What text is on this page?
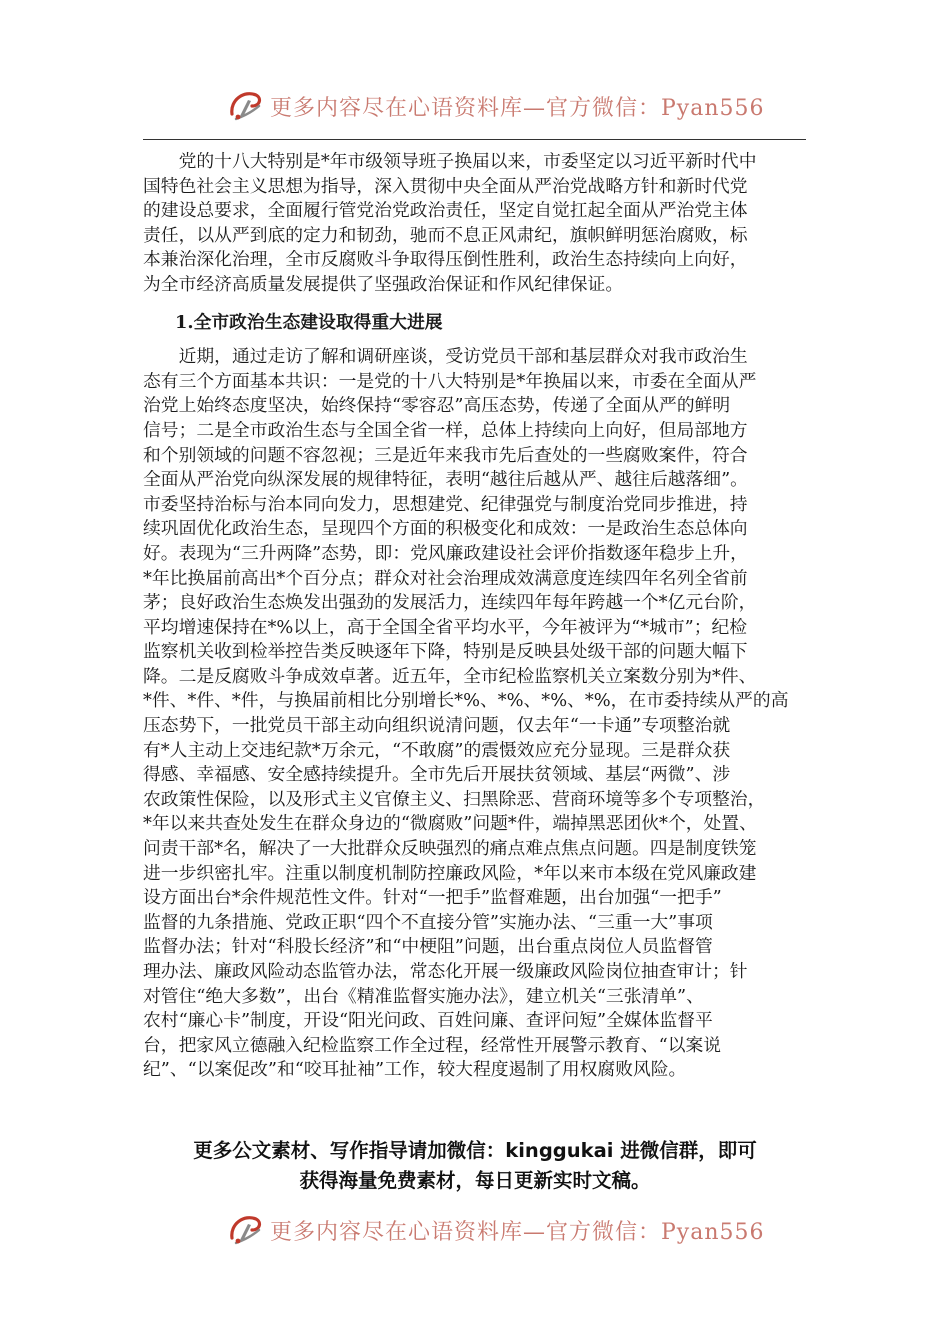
更多内容尽在心语资料库—官方微信：Pyan556

党的十八大特别是*年市级领导班子换届以来，市委坚定以习近平新时代中
国特色社会主义思想为指导，深入贯彻中央全面从严治党战略方针和新时代党
的建设总要求，全面履行管党治党政治责任，坚定自觉扛起全面从严治党主体
责任，以从严到底的定力和韧劲，驰而不息正风肃纪，旗帜鲜明惩治腐败，标
本兼治深化治理，全市反腐败斗争取得压倒性胜利，政治生态持续向上向好，
为全市经济高质量发展提供了坚强政治保证和作风纪律保证。

1.全市政治生态建设取得重大进展

近期，通过走访了解和调研座谈，受访党员干部和基层群众对我市政治生
态有三个方面基本共识：一是党的十八大特别是*年换届以来，市委在全面从严
治党上始终态度坚决，始终保持“零容忍”高压态势，传递了全面从严的鲜明
信号；二是全市政治生态与全国全省一样，总体上持续向上向好，但局部地方
和个别领域的问题不容忽视；三是近年来我市先后查处的一些腐败案件，符合
全面从严治党向纵深发展的规律特征，表明“越往后越从严、越往后越落细”。
市委坚持治标与治本同向发力，思想建党、纪律强党与制度治党同步推进，持
续巩固优化政治生态，呈现四个方面的积极变化和成效：一是政治生态总体向
好。表现为“三升两降”态势，即：党风廉政建设社会评价指数逐年稳步上升，
*年比换届前高出*个百分点；群众对社会治理成效满意度连续四年名列全省前
茅；良好政治生态焕发出强劲的发展活力，连续四年每年跨越一个*亿元台阶，
平均增速保持在*%以上，高于全国全省平均水平，今年被评为“*城市”；纪检
监察机关收到检举控告类反映逐年下降，特别是反映县处级干部的问题大幅下
降。二是反腐败斗争成效卓著。近五年，全市纪检监察机关立案数分别为*件、
*件、*件、*件，与换届前相比分别增长*%、*%、*%、*%，在市委持续从严的高
压态势下，一批党员干部主动向组织说清问题，仅去年“一卡通”专项整治就
有*人主动上交违纪款*万余元，“不敢腐”的震慑效应充分显现。三是群众获
得感、幸福感、安全感持续提升。全市先后开展扶贫领域、基层“两微”、涉
农政策性保险，以及形式主义官僚主义、扫黑除恶、营商环境等多个专项整治，
*年以来共查处发生在群众身边的“微腐败”问题*件，端掉黑恶团伙*个，处置、
问责干部*名，解决了一大批群众反映强烈的痛点难点焦点问题。四是制度铁笼
进一步织密扎牢。注重以制度机制防控廉政风险，*年以来市本级在党风廉政建
设方面出台*余件规范性文件。针对“一把手”监督难题，出台加强“一把手”
监督的九条措施、党政正职“四个不直接分管”实施办法、“三重一大”事项
监督办法；针对“科股长经济”和“中梗阻”问题，出台重点岗位人员监督管
理办法、廉政风险动态监管办法，常态化开展一级廉政风险岗位抽查审计；针
对管住“绝大多数”，出台《精准监督实施办法》，建立机关“三张清单”、
农村“廉心卡”制度，开设“阳光问政、百姓问廉、查评问短”全媒体监督平
台，把家风立德融入纪检监察工作全过程，经常性开展警示教育、“以案说
纪”、“以案促改”和“咬耳扯袖”工作，较大程度遏制了用权腐败风险。

更多公文素材、写作指导请加微信：kinggukai 进微信群，即可
获得海量免费素材，每日更新实时文稿。
更多内容尽在心语资料库—官方微信：Pyan556
